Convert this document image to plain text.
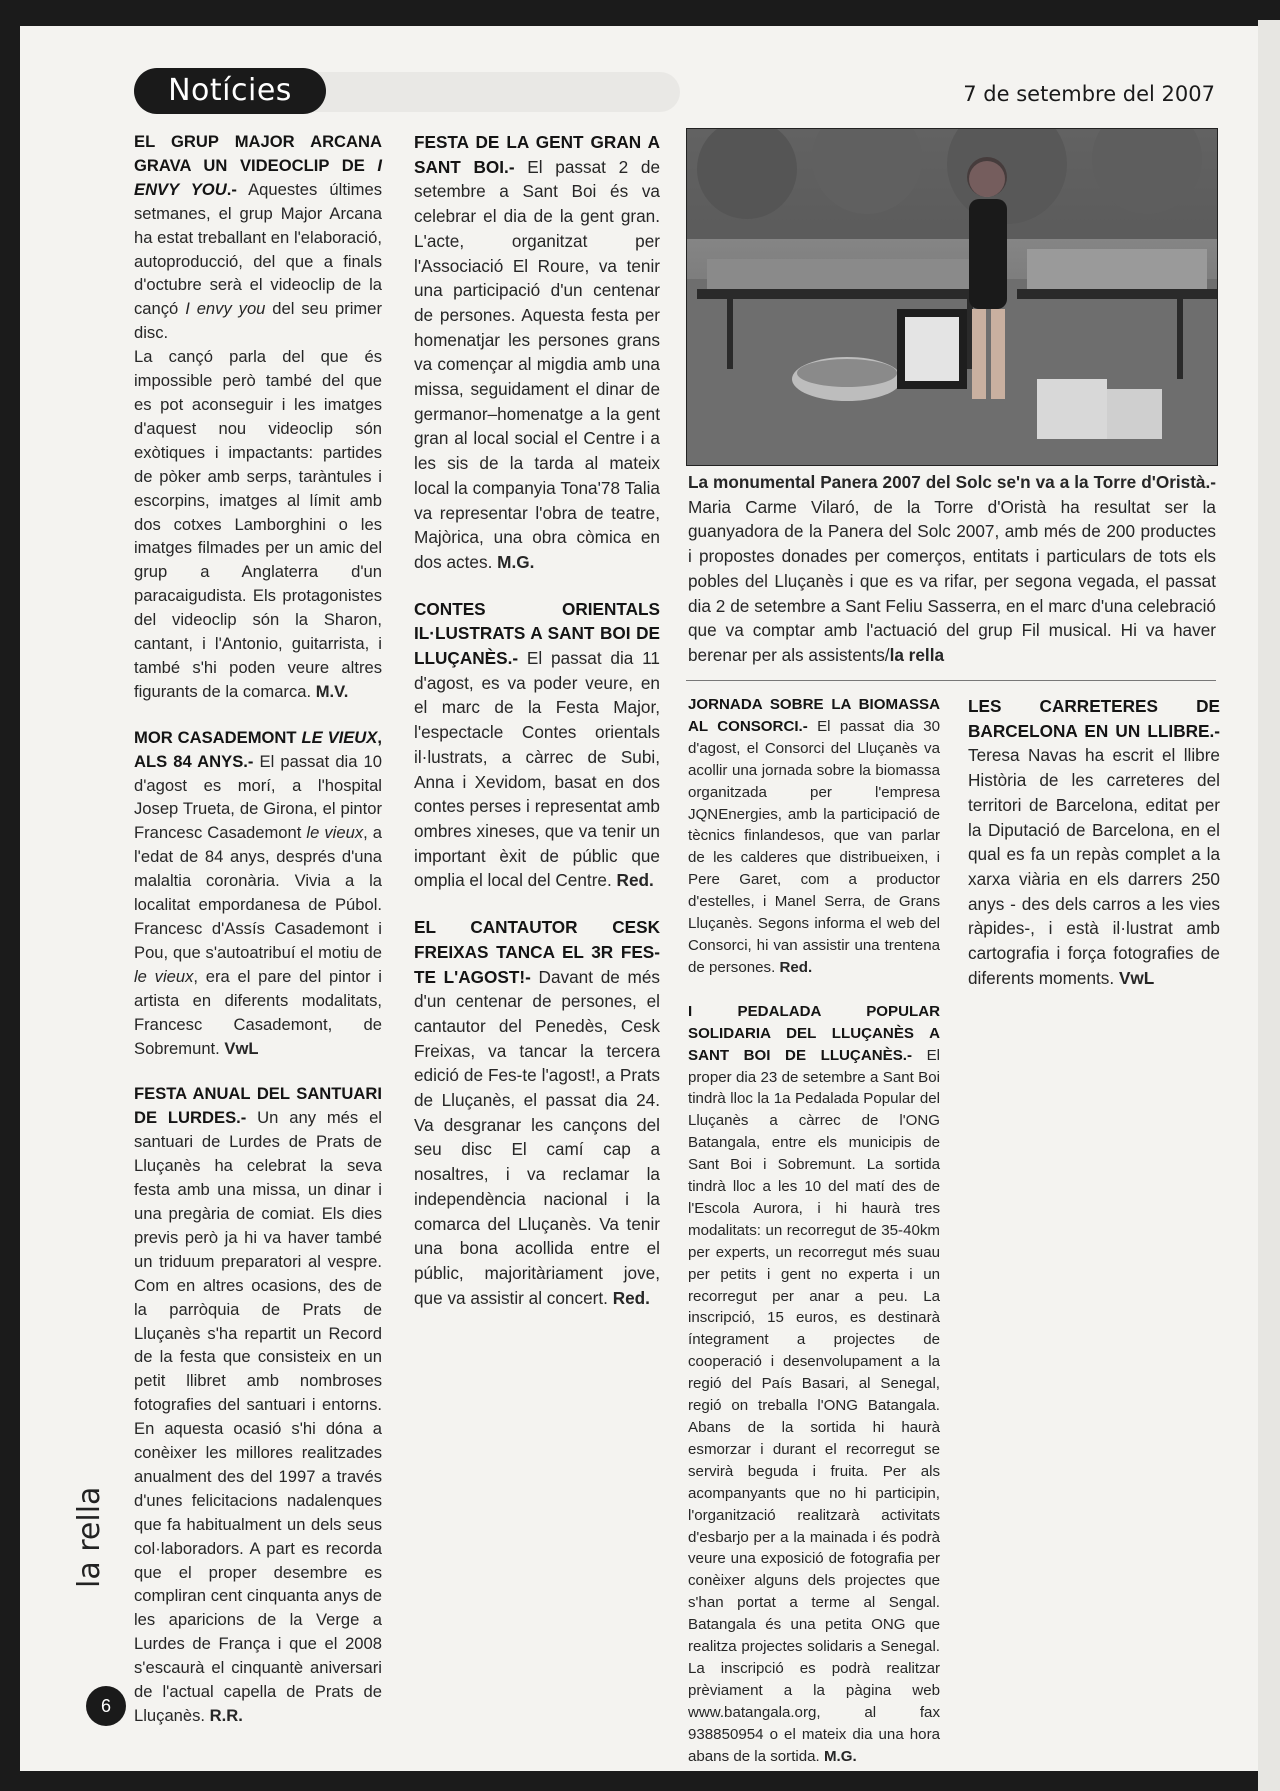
Notícies	7 de setembre del 2007
La monumental Panera 2007 del Solc se'n va a la Torre d'Oristà.- Maria Carme Vilaró, de la Torre d'Oristà ha resultat ser la guanyadora de la Panera del Solc 2007, amb més de 200 productes i propostes donades per comerços, entitats i particulars de tots els pobles del Lluçanès i que es va rifar, per segona vegada, el passat dia 2 de setembre a Sant Feliu Sasserra, en el marc d'una celebració que va comptar amb l'actuació del grup Fil musical. Hi va haver berenar per als assistents/la rella

EL GRUP MAJOR ARCANA GRAVA UN VIDEOCLIP DE I ENVY YOU.- Aquestes últimes setmanes, el grup Major Arcana ha estat treballant en l'elaboració, autoproducció, del que a finals d'octubre serà el videoclip de la cançó I envy you del seu primer disc.

La cançó parla del que és impossible però també del que es pot aconseguir i les imatges d'aquest nou videoclip són exòtiques i impactants: partides de pòker amb serps, taràntules i escorpins, imatges al límit amb dos cotxes Lamborghini o les imatges filmades per un amic del grup a Anglaterra d'un paracaigudista. Els protagonistes del videoclip són la Sharon, cantant, i l'Antonio, guitarrista, i també s'hi poden veure altres figurants de la comarca. M.V.

MOR CASADEMONT LE VIEUX, ALS 84 ANYS.- El passat dia 10 d'agost es morí, a l'hospital Josep Trueta, de Girona, el pintor Francesc Casademont le vieux, a l'edat de 84 anys, després d'una malaltia coronària. Vivia a la localitat empordanesa de Púbol. Francesc d'Assís Casademont i Pou, que s'autoatribuí el motiu de le vieux, era el pare del pintor i artista en diferents modalitats, Francesc Casademont, de Sobremunt. VwL

FESTA ANUAL DEL SANTUARI DE LURDES.- Un any més el santuari de Lurdes de Prats de Lluçanès ha celebrat la seva festa amb una missa, un dinar i una pregària de comiat. Els dies previs però ja hi va haver també un triduum preparatori al vespre. Com en altres ocasions, des de la parròquia de Prats de Lluçanès s'ha repartit un Record de la festa que consisteix en un petit llibret amb nombroses fotografies del santuari i entorns. En aquesta ocasió s'hi dóna a conèixer les millores realitzades anualment des del 1997 a través d'unes felicitacions nadalenques que fa habitualment un dels seus col·laboradors. A part es recorda que el proper desembre es compliran cent cinquanta anys de les aparicions de la Verge a Lurdes de França i que el 2008 s'escaurà el cinquantè aniversari de l'actual capella de Prats de Lluçanès. R.R.

FESTA DE LA GENT GRAN A SANT BOI.- El passat 2 de setembre a Sant Boi és va celebrar el dia de la gent gran. L'acte, organitzat per l'Associació El Roure, va tenir una participació d'un centenar de persones. Aquesta festa per homenatjar les persones grans va començar al migdia amb una missa, seguidament el dinar de germanor–homenatge a la gent gran al local social el Centre i a les sis de la tarda al mateix local la companyia Tona'78 Talia va representar l'obra de teatre, Majòrica, una obra còmica en dos actes. M.G.

CONTES ORIENTALS IL·LUSTRATS A SANT BOI DE LLUÇANÈS.- El passat dia 11 d'agost, es va poder veure, en el marc de la Festa Major, l'espectacle Contes orientals il·lustrats, a càrrec de Subi, Anna i Xevidom, basat en dos contes perses i representat amb ombres xineses, que va tenir un important èxit de públic que omplia el local del Centre. Red.

EL CANTAUTOR CESK FREIXAS TANCA EL 3R FES-TE L'AGOST!- Davant de més d'un centenar de persones, el cantautor del Penedès, Cesk Freixas, va tancar la tercera edició de Fes-te l'agost!, a Prats de Lluçanès, el passat dia 24. Va desgranar les cançons del seu disc El camí cap a nosaltres, i va reclamar la independència nacional i la comarca del Lluçanès. Va tenir una bona acollida entre el públic, majoritàriament jove, que va assistir al concert. Red.

JORNADA SOBRE LA BIOMASSA AL CONSORCI.- El passat dia 30 d'agost, el Consorci del Lluçanès va acollir una jornada sobre la biomassa organitzada per l'empresa JQNEnergies, amb la participació de tècnics finlandesos, que van parlar de les calderes que distribueixen, i Pere Garet, com a productor d'estelles, i Manel Serra, de Grans Lluçanès. Segons informa el web del Consorci, hi van assistir una trentena de persones. Red.

I PEDALADA POPULAR SOLIDARIA DEL LLUÇANÈS A SANT BOI DE LLUÇANÈS.- El proper dia 23 de setembre a Sant Boi tindrà lloc la 1a Pedalada Popular del Lluçanès a càrrec de l'ONG Batangala, entre els municipis de Sant Boi i Sobremunt. La sortida tindrà lloc a les 10 del matí des de l'Escola Aurora, i hi haurà tres modalitats: un recorregut de 35-40km per experts, un recorregut més suau per petits i gent no experta i un recorregut per anar a peu. La inscripció, 15 euros, es destinarà íntegrament a projectes de cooperació i desenvolupament a la regió del País Basari, al Senegal, regió on treballa l'ONG Batangala. Abans de la sortida hi haurà esmorzar i durant el recorregut se servirà beguda i fruita. Per als acompanyants que no hi participin, l'organització realitzarà activitats d'esbarjo per a la mainada i és podrà veure una exposició de fotografia per conèixer alguns dels projectes que s'han portat a terme al Sengal. Batangala és una petita ONG que realitza projectes solidaris a Senegal. La inscripció es podrà realitzar prèviament a la pàgina web www.batangala.org, al fax 938850954 o el mateix dia una hora abans de la sortida. M.G.

LES CARRETERES DE BARCELONA EN UN LLIBRE.- Teresa Navas ha escrit el llibre Història de les carreteres del territori de Barcelona, editat per la Diputació de Barcelona, en el qual es fa un repàs complet a la xarxa viària en els darrers 250 anys - des dels carros a les vies ràpides-, i està il·lustrat amb cartografia i força fotografies de diferents moments. VwL

la rella
6
